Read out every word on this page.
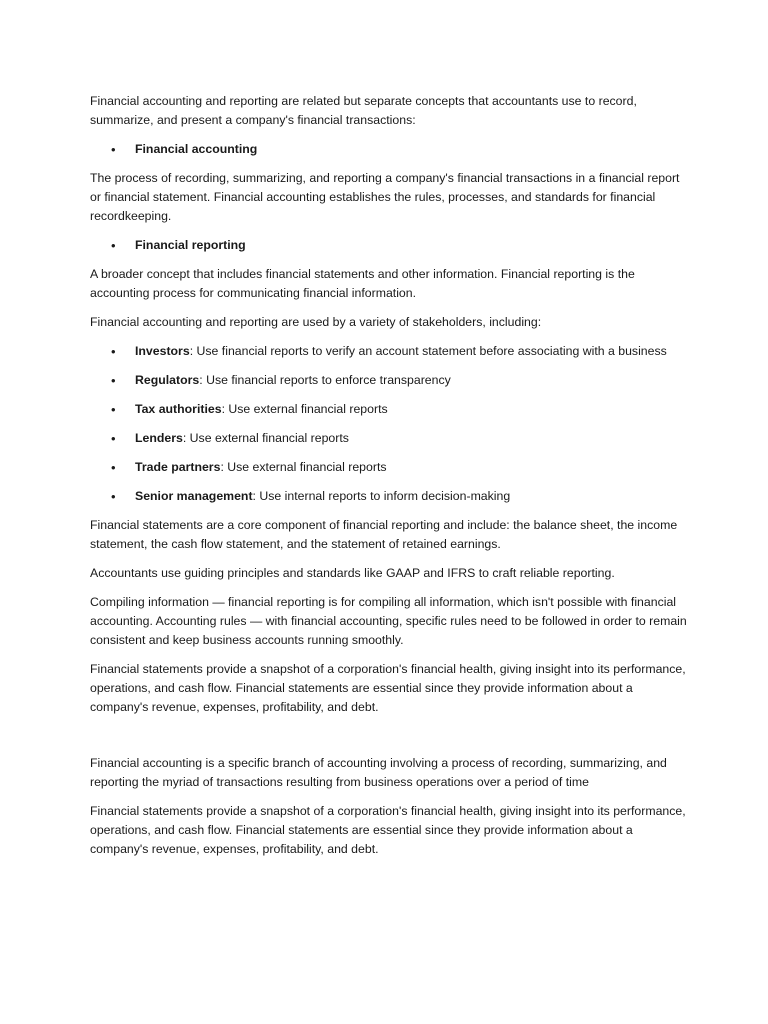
Financial accounting and reporting are related but separate concepts that accountants use to record, summarize, and present a company's financial transactions:

• Financial accounting

The process of recording, summarizing, and reporting a company's financial transactions in a financial report or financial statement. Financial accounting establishes the rules, processes, and standards for financial recordkeeping.

• Financial reporting

A broader concept that includes financial statements and other information. Financial reporting is the accounting process for communicating financial information.

Financial accounting and reporting are used by a variety of stakeholders, including:

• Investors: Use financial reports to verify an account statement before associating with a business
• Regulators: Use financial reports to enforce transparency
• Tax authorities: Use external financial reports
• Lenders: Use external financial reports
• Trade partners: Use external financial reports
• Senior management: Use internal reports to inform decision-making

Financial statements are a core component of financial reporting and include: the balance sheet, the income statement, the cash flow statement, and the statement of retained earnings.

Accountants use guiding principles and standards like GAAP and IFRS to craft reliable reporting.

Compiling information — financial reporting is for compiling all information, which isn't possible with financial accounting. Accounting rules — with financial accounting, specific rules need to be followed in order to remain consistent and keep business accounts running smoothly.

Financial statements provide a snapshot of a corporation's financial health, giving insight into its performance, operations, and cash flow. Financial statements are essential since they provide information about a company's revenue, expenses, profitability, and debt.

Financial accounting is a specific branch of accounting involving a process of recording, summarizing, and reporting the myriad of transactions resulting from business operations over a period of time

Financial statements provide a snapshot of a corporation's financial health, giving insight into its performance, operations, and cash flow. Financial statements are essential since they provide information about a company's revenue, expenses, profitability, and debt.
